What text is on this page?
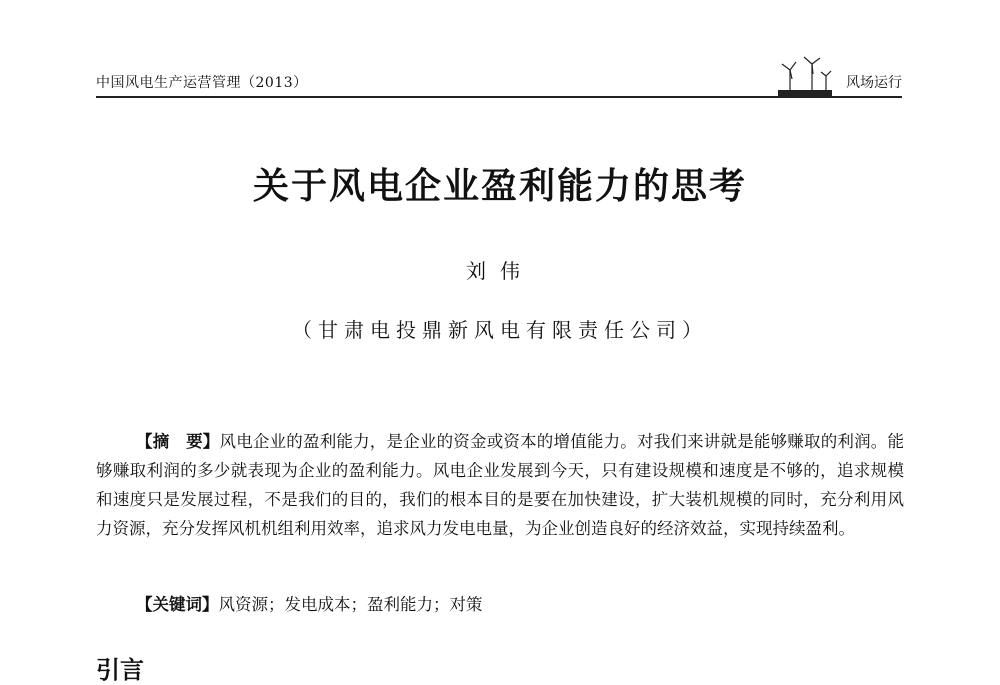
中国风电生产运营管理（2013）	风场运行
关于风电企业盈利能力的思考
刘伟
（甘肃电投鼎新风电有限责任公司）
【摘　要】风电企业的盈利能力，是企业的资金或资本的增值能力。对我们来讲就是能够赚取的利润。能够赚取利润的多少就表现为企业的盈利能力。风电企业发展到今天，只有建设规模和速度是不够的，追求规模和速度只是发展过程，不是我们的目的，我们的根本目的是要在加快建设，扩大装机规模的同时，充分利用风力资源，充分发挥风机机组利用效率，追求风力发电电量，为企业创造良好的经济效益，实现持续盈利。
【关键词】风资源；发电成本；盈利能力；对策
引言
